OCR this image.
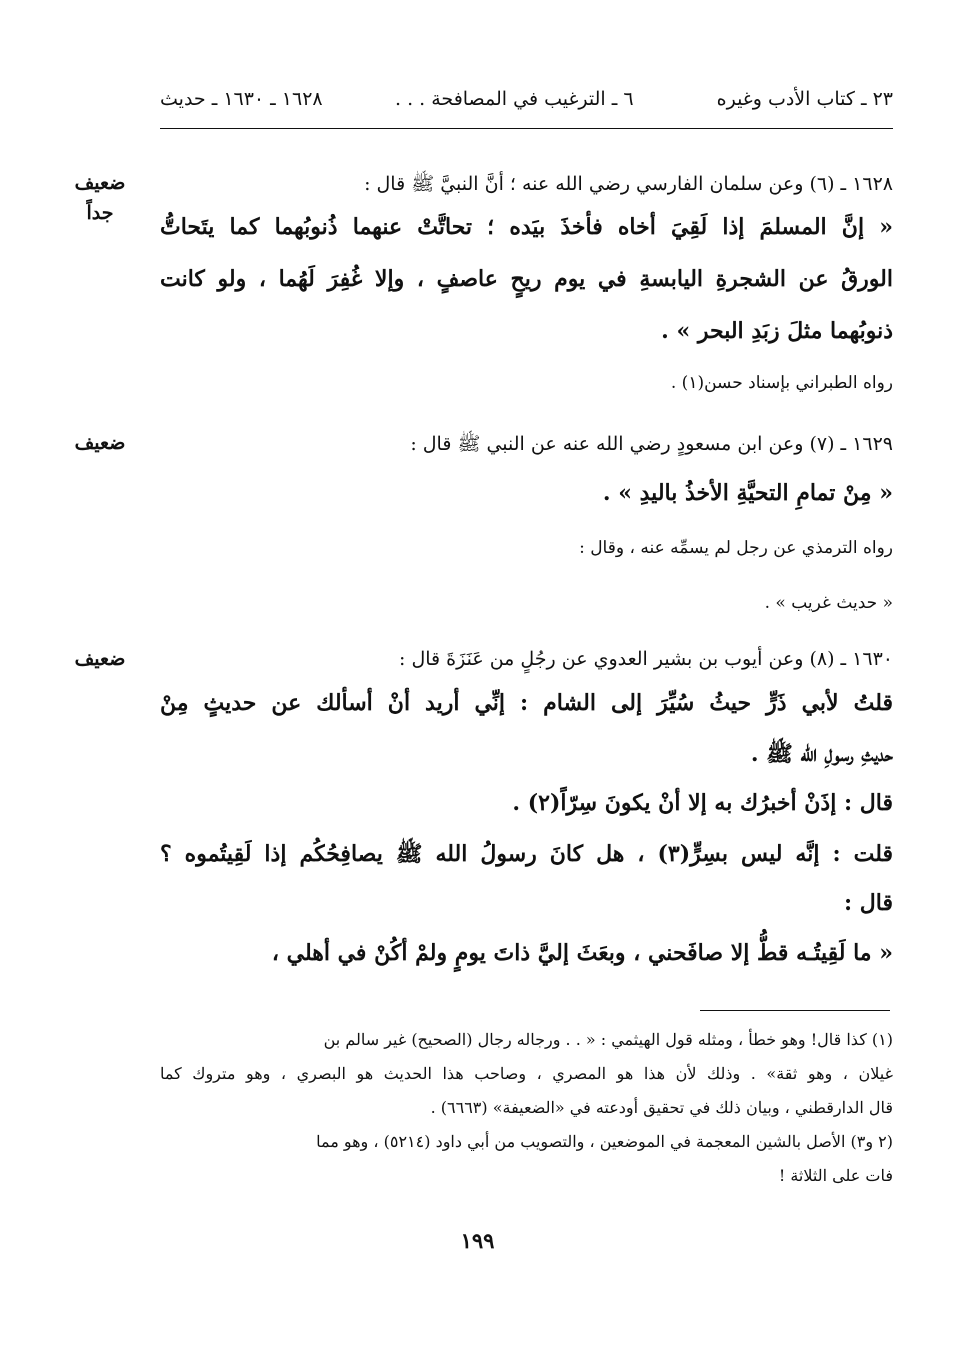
٢٣ ـ كتاب الأدب وغيره
٦ ـ الترغيب في المصافحة . . .
١٦٢٨ ـ ١٦٣٠ ـ حديث
ضعيف
جداً
١٦٢٨ ـ (٦) وعن سلمان الفارسي رضي الله عنه ؛ أنَّ النبيَّ ﷺ قال :
« إنَّ المسلمَ إذا لَقِيَ أخاه فأخذَ بيَده ؛ تحاتَّتْ عنهما ذُنوبُهما كما يتَحاتُّ
الورقُ عن الشجرةِ اليابسةِ في يوم ريحٍ عاصفٍ ، وإلا غُفِرَ لَهُما ، ولو كانت
ذنوبُهما مثلَ زبَدِ البحر » .
رواه الطبراني بإسناد حسن(١) .
ضعيف	١٦٢٩ ـ (٧) وعن ابن مسعودٍ رضي الله عنه عن النبي ﷺ قال :
« مِنْ تمامِ التحيَّةِ الأخذُ باليدِ » .
رواه الترمذي عن رجل لم يسمِّه عنه ، وقال :
« حديث غريب » .
ضعيف	١٦٣٠ ـ (٨) وعن أيوب بن بشير العدوي عن رجُلٍ من عَنَزَةَ قال :
قلتُ لأبي ذَرٍّ حيثُ سُيِّرَ إلى الشام : إنِّي أريد أنْ أسألك عن حديثٍ مِنْ
حديثِ رسولِ الله ﷺ .
قال : إذَنْ أخبرُك به إلا أنْ يكونَ سِرّاً(٢) .
قلت : إنَّه ليس بسِرٍّ(٣) ، هل كانَ رسولُ الله ﷺ يصافِحُكُم إذا لَقِيتُموه ؟
قال :
« ما لَقِيتُـه قطُّ إلا صافَحني ، وبعَثَ إليَّ ذاتَ يومٍ ولمْ أكُنْ في أهلي ،
(١) كذا قال! وهو خطأ ، ومثله قول الهيثمي : « . . ورجاله رجال (الصحيح) غير سالم بن
غيلان ، وهو ثقة» . وذلك لأن هذا هو المصري ، وصاحب هذا الحديث هو البصري ، وهو متروك كما
قال الدارقطني ، وبيان ذلك في تحقيق أودعته في «الضعيفة» (٦٦٦٣) .
(٢ و٣) الأصل بالشين المعجمة في الموضعين ، والتصويب من أبي داود (٥٢١٤) ، وهو مما
فات على الثلاثة !
١٩٩
